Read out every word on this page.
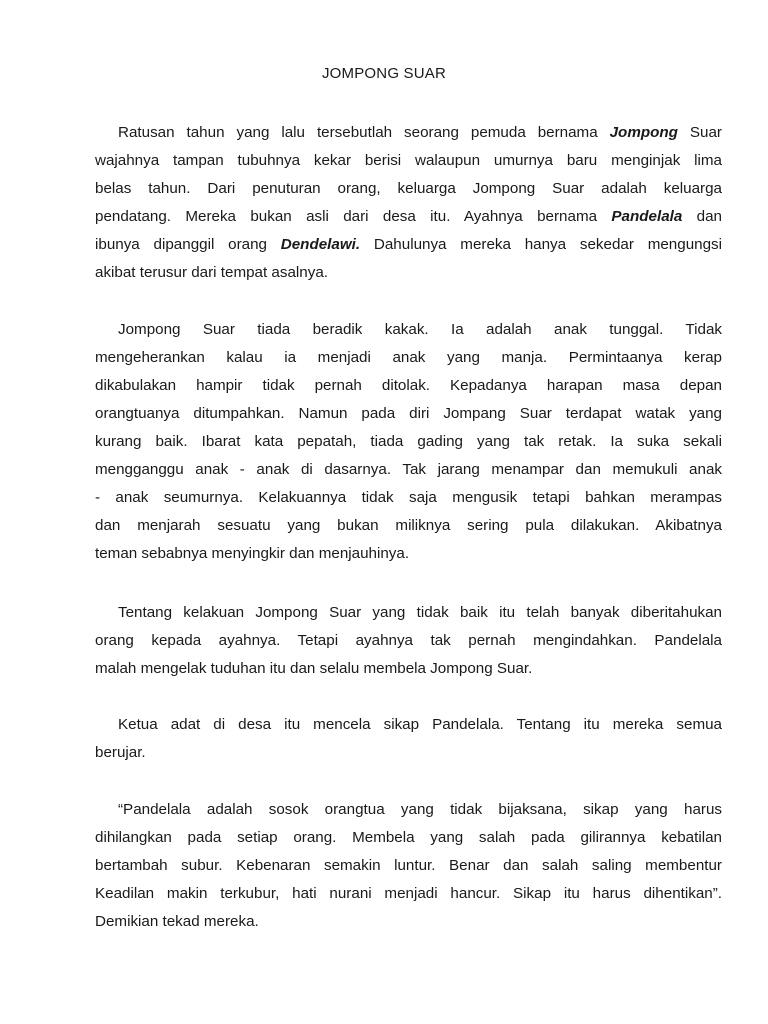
JOMPONG SUAR
Ratusan tahun yang lalu tersebutlah seorang pemuda bernama Jompong Suar
wajahnya tampan tubuhnya kekar berisi walaupun umurnya baru menginjak lima
belas tahun. Dari penuturan orang, keluarga Jompong Suar adalah keluarga
pendatang. Mereka bukan asli dari desa itu. Ayahnya bernama Pandelala dan
ibunya dipanggil orang Dendelawi. Dahulunya mereka hanya sekedar mengungsi
akibat terusur dari tempat asalnya.
Jompong Suar tiada beradik kakak. Ia adalah anak tunggal. Tidak
mengeherankan kalau ia menjadi anak yang manja. Permintaanya kerap
dikabulakan hampir tidak pernah ditolak. Kepadanya harapan masa depan
orangtuanya ditumpahkan. Namun pada diri Jompang Suar terdapat watak yang
kurang baik. Ibarat kata pepatah, tiada gading yang tak retak. Ia suka sekali
mengganggu anak - anak di dasarnya. Tak jarang menampar dan memukuli anak
- anak seumurnya. Kelakuannya tidak saja mengusik tetapi bahkan merampas
dan menjarah sesuatu yang bukan miliknya sering pula dilakukan. Akibatnya
teman sebabnya menyingkir dan menjauhinya.
Tentang kelakuan Jompong Suar yang tidak baik itu telah banyak diberitahukan
orang kepada ayahnya. Tetapi ayahnya tak pernah mengindahkan. Pandelala
malah mengelak tuduhan itu dan selalu membela Jompong Suar.
Ketua adat di desa itu mencela sikap Pandelala. Tentang itu mereka semua
berujar.
“Pandelala adalah sosok orangtua yang tidak bijaksana, sikap yang harus
dihilangkan pada setiap orang. Membela yang salah pada gilirannya kebatilan
bertambah subur. Kebenaran semakin luntur. Benar dan salah saling membentur
Keadilan makin terkubur, hati nurani menjadi hancur. Sikap itu harus dihentikan”.
Demikian tekad mereka.
